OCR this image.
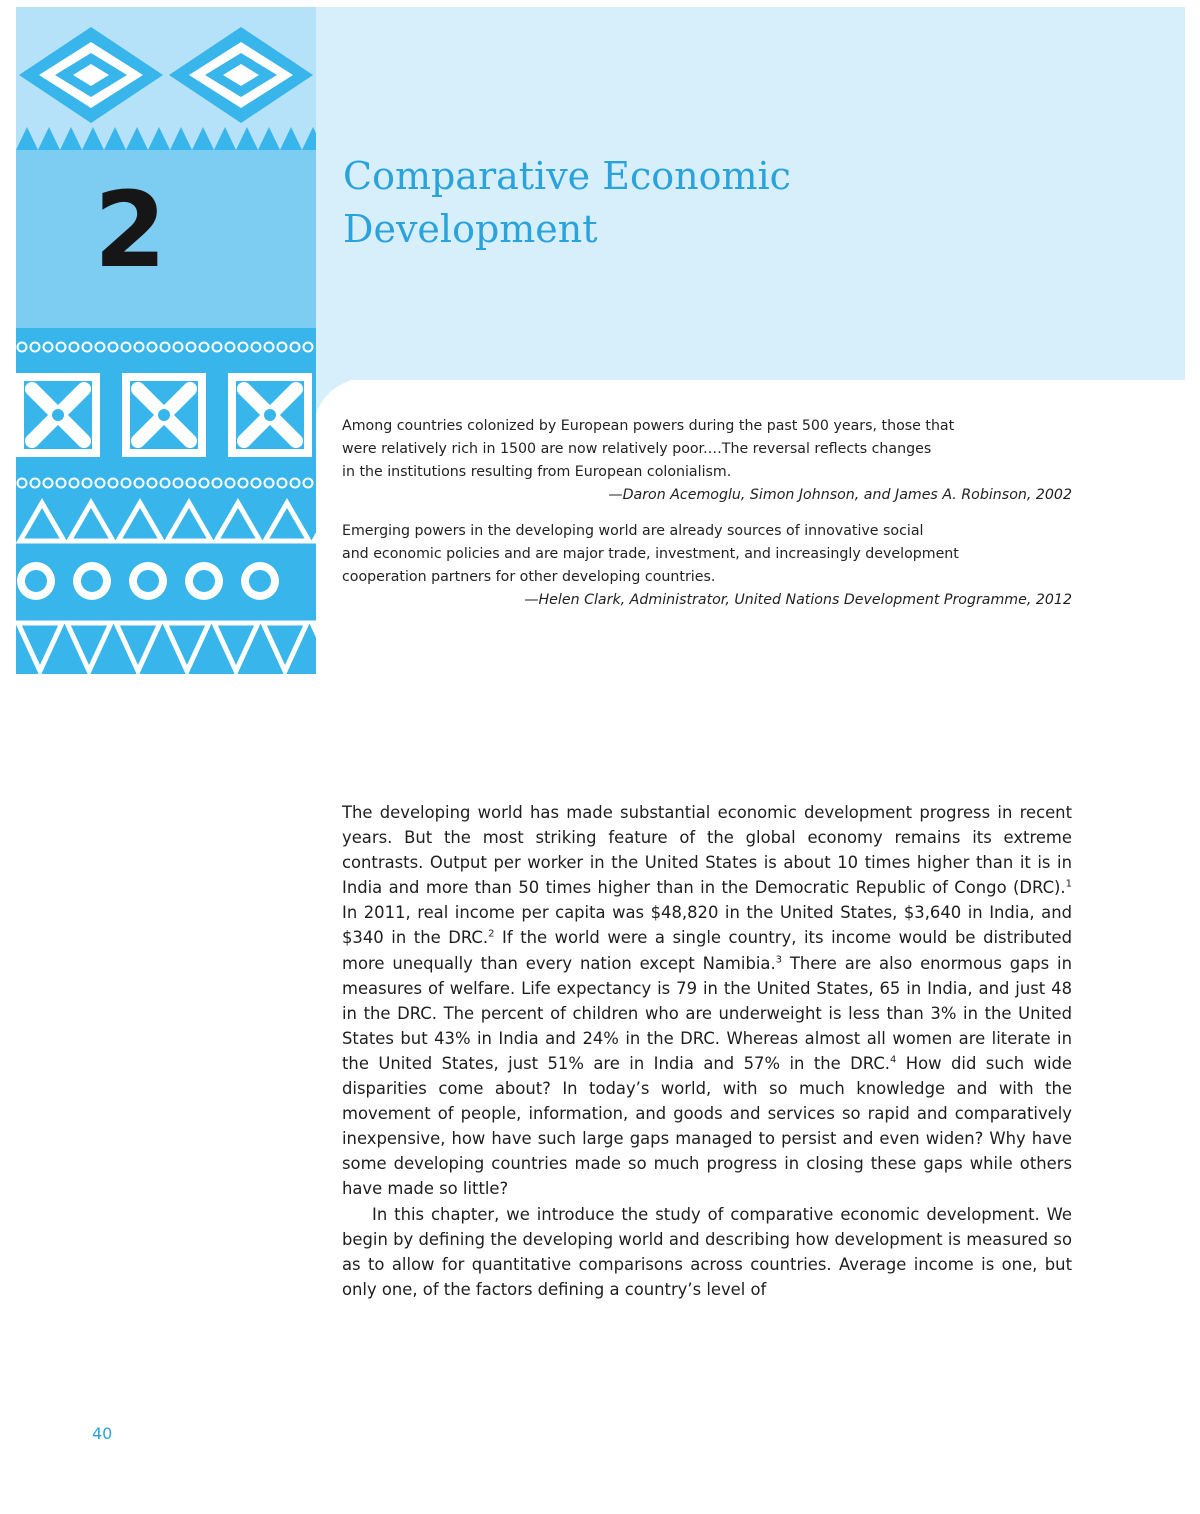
2	Comparative Economic
Development

Among countries colonized by European powers during the past 500 years, those that

were relatively rich in 1500 are now relatively poor.…The reversal reflects changes

in the institutions resulting from European colonialism.

—Daron Acemoglu, Simon Johnson, and James A. Robinson, 2002

Emerging powers in the developing world are already sources of innovative social

and economic policies and are major trade, investment, and increasingly development

cooperation partners for other developing countries.

—Helen Clark, Administrator, United Nations Development Programme, 2012

The developing world has made substantial economic development progress in recent years. But the most striking feature of the global economy remains its extreme contrasts. Output per worker in the United States is about 10 times higher than it is in India and more than 50 times higher than in the Democratic Republic of Congo (DRC).$^1$ In 2011, real income per capita was $48,820 in the United States, $3,640 in India, and $340 in the DRC.$^2$ If the world were a single country, its income would be distributed more unequally than every nation except Namibia.$^3$ There are also enormous gaps in measures of welfare. Life expectancy is 79 in the United States, 65 in India, and just 48 in the DRC. The percent of children who are underweight is less than 3% in the United States but 43% in India and 24% in the DRC. Whereas almost all women are literate in the United States, just 51% are in India and 57% in the DRC.$^4$ How did such wide disparities come about? In today’s world, with so much knowledge and with the movement of people, information, and goods and services so rapid and comparatively inexpensive, how have such large gaps managed to persist and even widen? Why have some developing countries made so much progress in closing these gaps while others have made so little?

In this chapter, we introduce the study of comparative economic development. We begin by defining the developing world and describing how development is measured so as to allow for quantitative comparisons across countries. Average income is one, but only one, of the factors defining a country’s level of

40
